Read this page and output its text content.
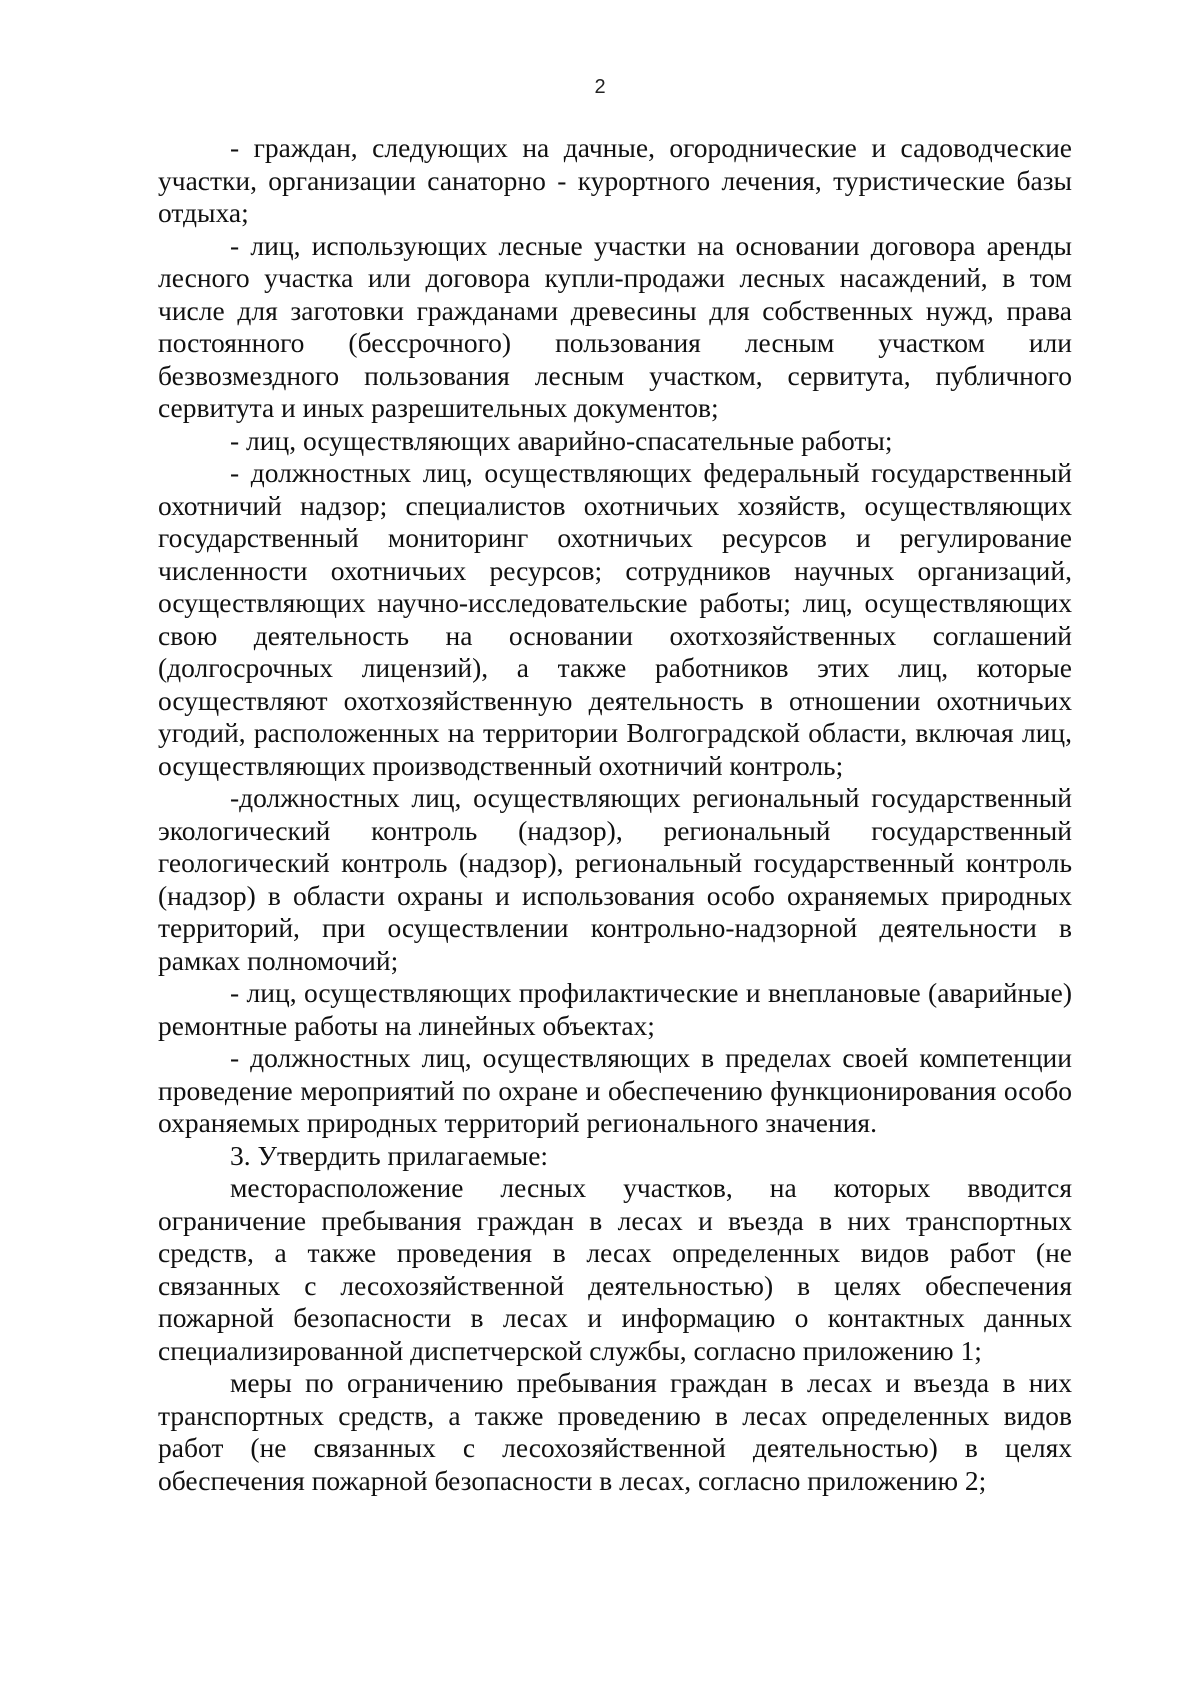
2

- граждан, следующих на дачные, огороднические и садоводческие участки, организации санаторно - курортного лечения, туристические базы отдыха;

- лиц, использующих лесные участки на основании договора аренды лесного участка или договора купли-продажи лесных насаждений, в том числе для заготовки гражданами древесины для собственных нужд, права постоянного (бессрочного) пользования лесным участком или безвозмездного пользования лесным участком, сервитута, публичного сервитута и иных разрешительных документов;

- лиц, осуществляющих аварийно-спасательные работы;

- должностных лиц, осуществляющих федеральный государственный охотничий надзор; специалистов охотничьих хозяйств, осуществляющих государственный мониторинг охотничьих ресурсов и регулирование численности охотничьих ресурсов; сотрудников научных организаций, осуществляющих научно-исследовательские работы; лиц, осуществляющих свою деятельность на основании охотхозяйственных соглашений (долгосрочных лицензий), а также работников этих лиц, которые осуществляют охотхозяйственную деятельность в отношении охотничьих угодий, расположенных на территории Волгоградской области, включая лиц, осуществляющих производственный охотничий контроль;

-должностных лиц, осуществляющих региональный государственный экологический контроль (надзор), региональный государственный геологический контроль (надзор), региональный государственный контроль (надзор) в области охраны и использования особо охраняемых природных территорий, при осуществлении контрольно-надзорной деятельности в рамках полномочий;

- лиц, осуществляющих профилактические и внеплановые (аварийные) ремонтные работы на линейных объектах;

- должностных лиц, осуществляющих в пределах своей компетенции проведение мероприятий по охране и обеспечению функционирования особо охраняемых природных территорий регионального значения.

3. Утвердить прилагаемые:

месторасположение лесных участков, на которых вводится ограничение пребывания граждан в лесах и въезда в них транспортных средств, а также проведения в лесах определенных видов работ (не связанных с лесохозяйственной деятельностью) в целях обеспечения пожарной безопасности в лесах и информацию о контактных данных специализированной диспетчерской службы, согласно приложению 1;

меры по ограничению пребывания граждан в лесах и въезда в них транспортных средств, а также проведению в лесах определенных видов работ (не связанных с лесохозяйственной деятельностью) в целях обеспечения пожарной безопасности в лесах, согласно приложению 2;
